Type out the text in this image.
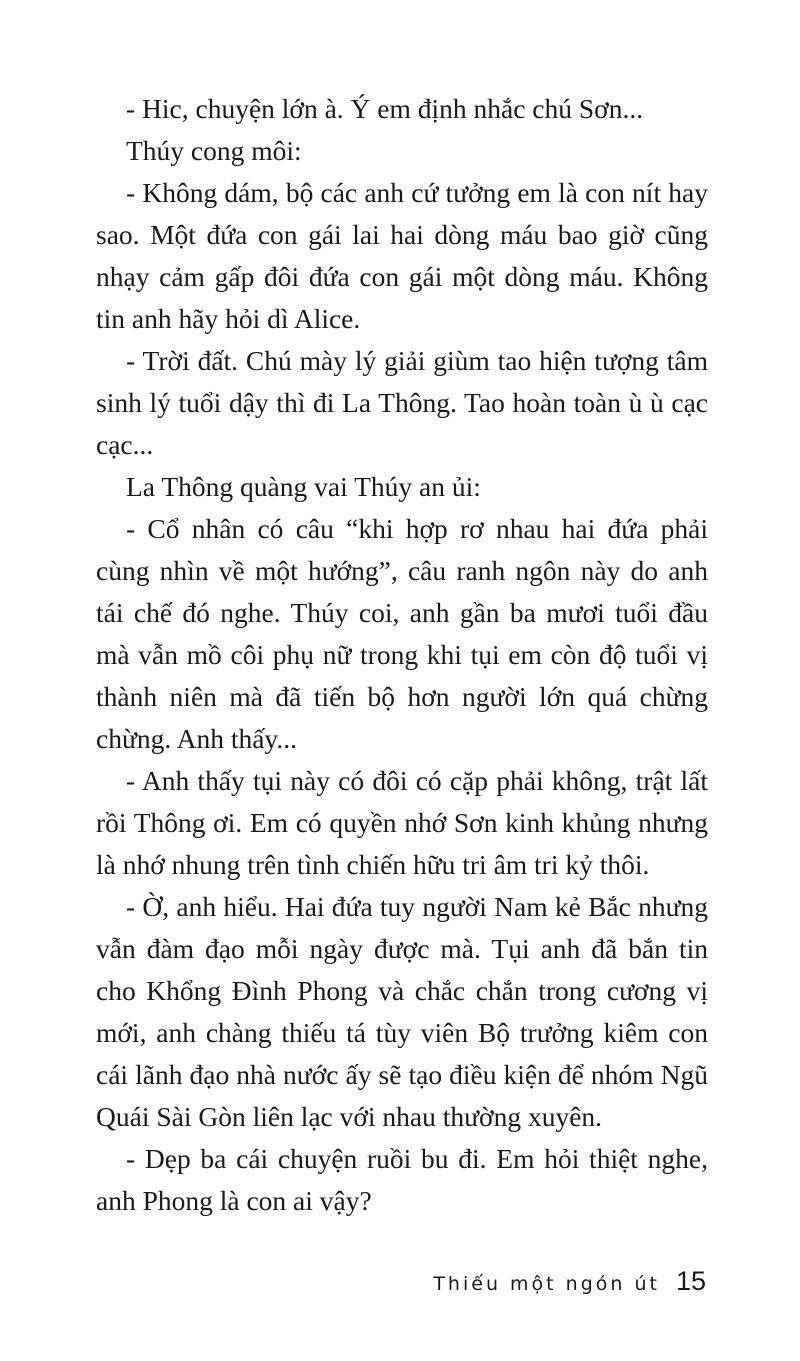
- Hic, chuyện lớn à. Ý em định nhắc chú Sơn...

Thúy cong môi:

- Không dám, bộ các anh cứ tưởng em là con nít hay sao. Một đứa con gái lai hai dòng máu bao giờ cũng nhạy cảm gấp đôi đứa con gái một dòng máu. Không tin anh hãy hỏi dì Alice.

- Trời đất. Chú mày lý giải giùm tao hiện tượng tâm sinh lý tuổi dậy thì đi La Thông. Tao hoàn toàn ù ù cạc cạc...

La Thông quàng vai Thúy an ủi:

- Cổ nhân có câu “khi hợp rơ nhau hai đứa phải cùng nhìn về một hướng”, câu ranh ngôn này do anh tái chế đó nghe. Thúy coi, anh gần ba mươi tuổi đầu mà vẫn mồ côi phụ nữ trong khi tụi em còn độ tuổi vị thành niên mà đã tiến bộ hơn người lớn quá chừng chừng. Anh thấy...

- Anh thấy tụi này có đôi có cặp phải không, trật lất rồi Thông ơi. Em có quyền nhớ Sơn kinh khủng nhưng là nhớ nhung trên tình chiến hữu tri âm tri kỷ thôi.

- Ờ, anh hiểu. Hai đứa tuy người Nam kẻ Bắc nhưng vẫn đàm đạo mỗi ngày được mà. Tụi anh đã bắn tin cho Khổng Đình Phong và chắc chắn trong cương vị mới, anh chàng thiếu tá tùy viên Bộ trưởng kiêm con cái lãnh đạo nhà nước ấy sẽ tạo điều kiện để nhóm Ngũ Quái Sài Gòn liên lạc với nhau thường xuyên.

- Dẹp ba cái chuyện ruồi bu đi. Em hỏi thiệt nghe, anh Phong là con ai vậy?

Thiếu một ngón út 15
